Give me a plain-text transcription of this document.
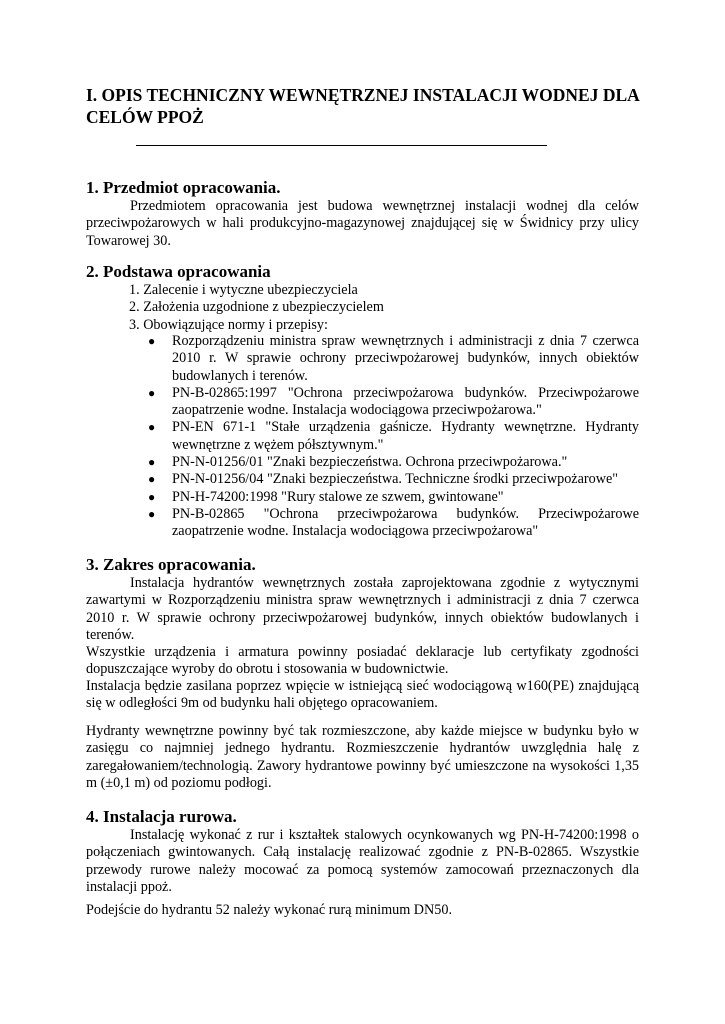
I. OPIS TECHNICZNY WEWNĘTRZNEJ INSTALACJI WODNEJ DLA CELÓW PPOŻ
1. Przedmiot opracowania.

Przedmiotem opracowania jest budowa wewnętrznej instalacji wodnej dla celów przeciwpożarowych w hali produkcyjno-magazynowej znajdującej się w Świdnicy przy ulicy Towarowej 30.

2. Podstawa opracowania
1. Zalecenie i wytyczne ubezpieczyciela
2. Założenia uzgodnione z ubezpieczycielem
3. Obowiązujące normy i przepisy:
● Rozporządzeniu ministra spraw wewnętrznych i administracji z dnia 7 czerwca 2010 r. W sprawie ochrony przeciwpożarowej budynków, innych obiektów budowlanych i terenów.
● PN-B-02865:1997 "Ochrona przeciwpożarowa budynków. Przeciwpożarowe zaopatrzenie wodne. Instalacja wodociągowa przeciwpożarowa."
● PN-EN 671-1 "Stałe urządzenia gaśnicze. Hydranty wewnętrzne. Hydranty wewnętrzne z wężem półsztywnym."
● PN-N-01256/01 "Znaki bezpieczeństwa. Ochrona przeciwpożarowa."
● PN-N-01256/04 "Znaki bezpieczeństwa. Techniczne środki przeciwpożarowe"
● PN-H-74200:1998 "Rury stalowe ze szwem, gwintowane"
● PN-B-02865 "Ochrona przeciwpożarowa budynków. Przeciwpożarowe zaopatrzenie wodne. Instalacja wodociągowa przeciwpożarowa"
3. Zakres opracowania.

Instalacja hydrantów wewnętrznych została zaprojektowana zgodnie z wytycznymi zawartymi w Rozporządzeniu ministra spraw wewnętrznych i administracji z dnia 7 czerwca 2010 r. W sprawie ochrony przeciwpożarowej budynków, innych obiektów budowlanych i terenów.

Wszystkie urządzenia i armatura powinny posiadać deklaracje lub certyfikaty zgodności dopuszczające wyroby do obrotu i stosowania w budownictwie.

Instalacja będzie zasilana poprzez wpięcie w istniejącą sieć wodociągową w160(PE) znajdującą się w odległości 9m od budynku hali objętego opracowaniem.

Hydranty wewnętrzne powinny być tak rozmieszczone, aby każde miejsce w budynku było w zasięgu co najmniej jednego hydrantu. Rozmieszczenie hydrantów uwzględnia halę z zaregałowaniem/technologią. Zawory hydrantowe powinny być umieszczone na wysokości 1,35 m (±0,1 m) od poziomu podłogi.

4. Instalacja rurowa.

Instalację wykonać z rur i kształtek stalowych ocynkowanych wg PN-H-74200:1998 o połączeniach gwintowanych. Całą instalację realizować zgodnie z PN-B-02865. Wszystkie przewody rurowe należy mocować za pomocą systemów zamocowań przeznaczonych dla instalacji ppoż.

Podejście do hydrantu 52 należy wykonać rurą minimum DN50.
